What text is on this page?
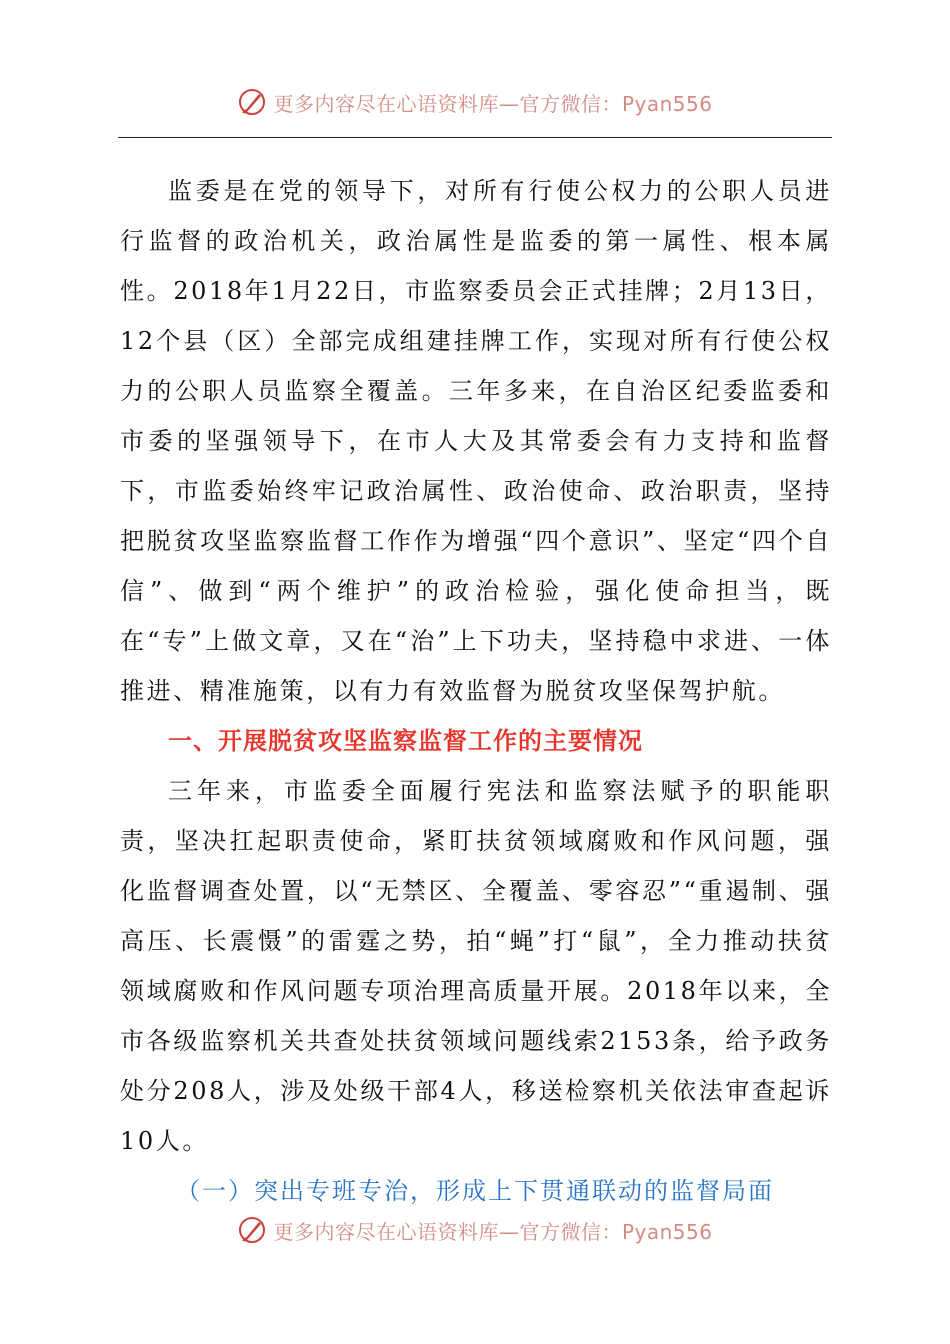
更多内容尽在心语资料库—官方微信：Pyan556

监委是在党的领导下，对所有行使公权力的公职人员进行监督的政治机关，政治属性是监委的第一属性、根本属性。2018年1月22日，市监察委员会正式挂牌；2月13日，12个县（区）全部完成组建挂牌工作，实现对所有行使公权力的公职人员监察全覆盖。三年多来，在自治区纪委监委和市委的坚强领导下，在市人大及其常委会有力支持和监督下，市监委始终牢记政治属性、政治使命、政治职责，坚持把脱贫攻坚监察监督工作作为增强“四个意识”、坚定“四个自信”、做到“两个维护”的政治检验，强化使命担当，既在“专”上做文章，又在“治”上下功夫，坚持稳中求进、一体推进、精准施策，以有力有效监督为脱贫攻坚保驾护航。

一、开展脱贫攻坚监察监督工作的主要情况

三年来，市监委全面履行宪法和监察法赋予的职能职责，坚决扛起职责使命，紧盯扶贫领域腐败和作风问题，强化监督调查处置，以“无禁区、全覆盖、零容忍”“重遏制、强高压、长震慑”的雷霆之势，拍“蝇”打“鼠”，全力推动扶贫领域腐败和作风问题专项治理高质量开展。2018年以来，全市各级监察机关共查处扶贫领域问题线索2153条，给予政务处分208人，涉及处级干部4人，移送检察机关依法审查起诉10人。

（一）突出专班专治，形成上下贯通联动的监督局面

更多内容尽在心语资料库—官方微信：Pyan556
